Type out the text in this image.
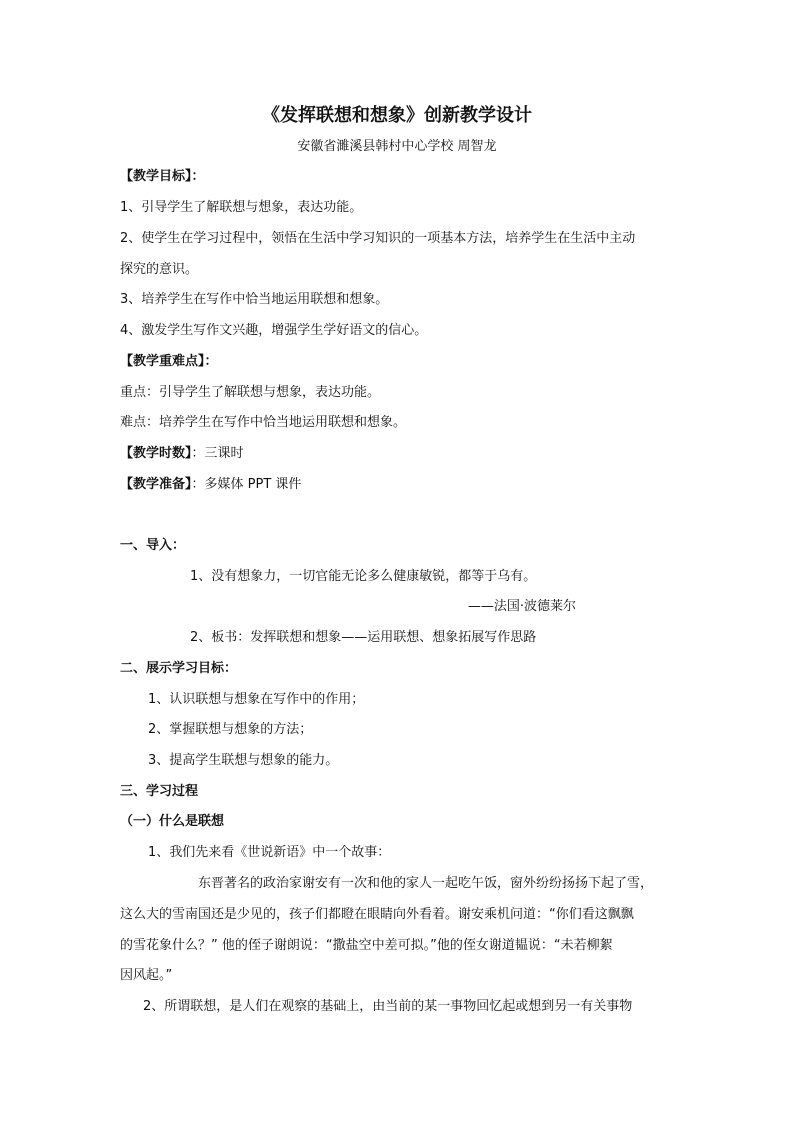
《发挥联想和想象》创新教学设计
安徽省濉溪县韩村中心学校 周智龙
【教学目标】：
1、引导学生了解联想与想象，表达功能。
2、使学生在学习过程中，领悟在生活中学习知识的一项基本方法，培养学生在生活中主动
探究的意识。
3、培养学生在写作中恰当地运用联想和想象。
4、激发学生写作文兴趣，增强学生学好语文的信心。
【教学重难点】：
重点：引导学生了解联想与想象，表达功能。
难点：培养学生在写作中恰当地运用联想和想象。
【教学时数】：三课时
【教学准备】：多媒体 PPT 课件
一、导入：
1、没有想象力，一切官能无论多么健康敏锐，都等于乌有。
——法国·波德莱尔
2、板书：发挥联想和想象——运用联想、想象拓展写作思路
二、展示学习目标：
1、认识联想与想象在写作中的作用；
2、掌握联想与想象的方法；
3、提高学生联想与想象的能力。
三、学习过程
（一）什么是联想
1、我们先来看《世说新语》中一个故事：
东晋著名的政治家谢安有一次和他的家人一起吃午饭，窗外纷纷扬扬下起了雪，
这么大的雪南国还是少见的，孩子们都瞪在眼睛向外看着。谢安乘机问道：“你们看这飘飘
的雪花象什么？” 他的侄子谢朗说：“撒盐空中差可拟。”他的侄女谢道韫说：“未若柳絮
因风起。”
2、所谓联想，是人们在观察的基础上，由当前的某一事物回忆起或想到另一有关事物
